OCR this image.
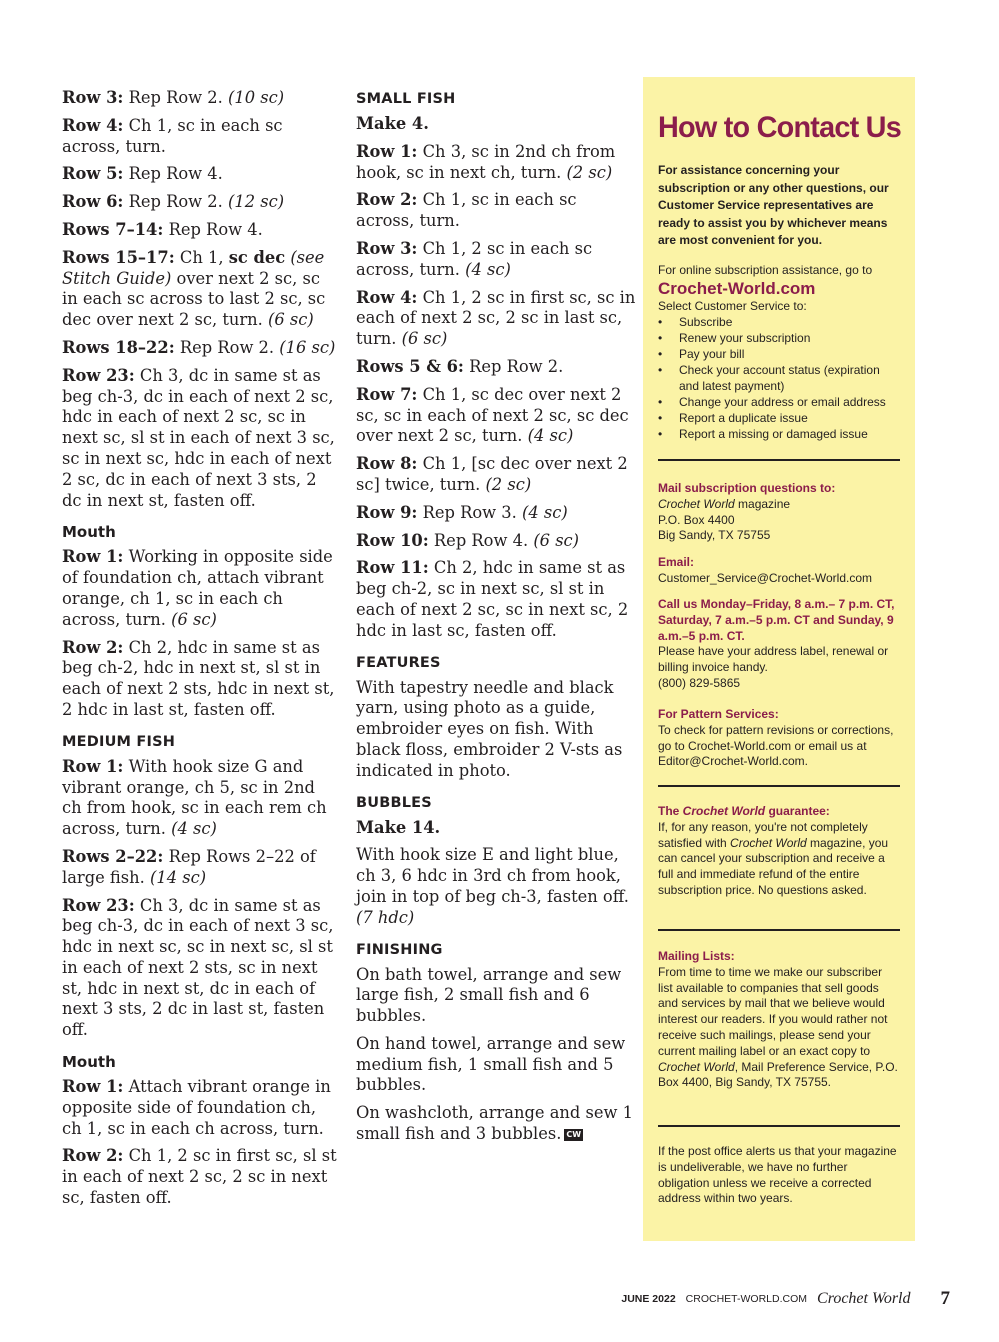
Row 3: Rep Row 2. (10 sc)

Row 4: Ch 1, sc in each sc across, turn.

Row 5: Rep Row 4.

Row 6: Rep Row 2. (12 sc)

Rows 7–14: Rep Row 4.

Rows 15–17: Ch 1, sc dec (see Stitch Guide) over next 2 sc, sc in each sc across to last 2 sc, sc dec over next 2 sc, turn. (6 sc)

Rows 18–22: Rep Row 2. (16 sc)

Row 23: Ch 3, dc in same st as beg ch-3, dc in each of next 2 sc, hdc in each of next 2 sc, sc in next sc, sl st in each of next 3 sc, sc in next sc, hdc in each of next 2 sc, dc in each of next 3 sts, 2 dc in next st, fasten off.

Mouth

Row 1: Working in opposite side of foundation ch, attach vibrant orange, ch 1, sc in each ch across, turn. (6 sc)

Row 2: Ch 2, hdc in same st as beg ch-2, hdc in next st, sl st in each of next 2 sts, hdc in next st, 2 hdc in last st, fasten off.

MEDIUM FISH

Row 1: With hook size G and vibrant orange, ch 5, sc in 2nd ch from hook, sc in each rem ch across, turn. (4 sc)

Rows 2–22: Rep Rows 2–22 of large fish. (14 sc)

Row 23: Ch 3, dc in same st as beg ch-3, dc in each of next 3 sc, hdc in next sc, sc in next sc, sl st in each of next 2 sts, sc in next st, hdc in next st, dc in each of next 3 sts, 2 dc in last st, fasten off.

Mouth

Row 1: Attach vibrant orange in opposite side of foundation ch, ch 1, sc in each ch across, turn.

Row 2: Ch 1, 2 sc in first sc, sl st in each of next 2 sc, 2 sc in next sc, fasten off.

SMALL FISH

Make 4.

Row 1: Ch 3, sc in 2nd ch from hook, sc in next ch, turn. (2 sc)

Row 2: Ch 1, sc in each sc across, turn.

Row 3: Ch 1, 2 sc in each sc across, turn. (4 sc)

Row 4: Ch 1, 2 sc in first sc, sc in each of next 2 sc, 2 sc in last sc, turn. (6 sc)

Rows 5 & 6: Rep Row 2.

Row 7: Ch 1, sc dec over next 2 sc, sc in each of next 2 sc, sc dec over next 2 sc, turn. (4 sc)

Row 8: Ch 1, [sc dec over next 2 sc] twice, turn. (2 sc)

Row 9: Rep Row 3. (4 sc)

Row 10: Rep Row 4. (6 sc)

Row 11: Ch 2, hdc in same st as beg ch-2, sc in next sc, sl st in each of next 2 sc, sc in next sc, 2 hdc in last sc, fasten off.

FEATURES

With tapestry needle and black yarn, using photo as a guide, embroider eyes on fish. With black floss, embroider 2 V-sts as indicated in photo.

BUBBLES

Make 14.

With hook size E and light blue, ch 3, 6 hdc in 3rd ch from hook, join in top of beg ch-3, fasten off. (7 hdc)

FINISHING

On bath towel, arrange and sew large fish, 2 small fish and 6 bubbles.

On hand towel, arrange and sew medium fish, 1 small fish and 5 bubbles.

On washcloth, arrange and sew 1 small fish and 3 bubbles. CW

How to Contact Us
For assistance concerning your subscription or any other questions, our Customer Service representatives are ready to assist you by whichever means are most convenient for you.
For online subscription assistance, go to
Crochet-World.com
Select Customer Service to:
• Subscribe
• Renew your subscription
• Pay your bill
• Check your account status (expiration and latest payment)
• Change your address or email address
• Report a duplicate issue
• Report a missing or damaged issue
Mail subscription questions to:
Crochet World magazine
P.O. Box 4400
Big Sandy, TX 75755
Email:
Customer_Service@Crochet-World.com
Call us Monday–Friday, 8 a.m.– 7 p.m. CT, Saturday, 7 a.m.–5 p.m. CT and Sunday, 9 a.m.–5 p.m. CT.
Please have your address label, renewal or billing invoice handy.
(800) 829-5865
For Pattern Services:
To check for pattern revisions or corrections, go to Crochet-World.com or email us at Editor@Crochet-World.com.
The Crochet World guarantee:
If, for any reason, you're not completely satisfied with Crochet World magazine, you can cancel your subscription and receive a full and immediate refund of the entire subscription price. No questions asked.
Mailing Lists:
From time to time we make our subscriber list available to companies that sell goods and services by mail that we believe would interest our readers. If you would rather not receive such mailings, please send your current mailing label or an exact copy to Crochet World, Mail Preference Service, P.O. Box 4400, Big Sandy, TX 75755.
If the post office alerts us that your magazine is undeliverable, we have no further obligation unless we receive a corrected address within two years.
JUNE 2022 CROCHET-WORLD.COM Crochet World 7
